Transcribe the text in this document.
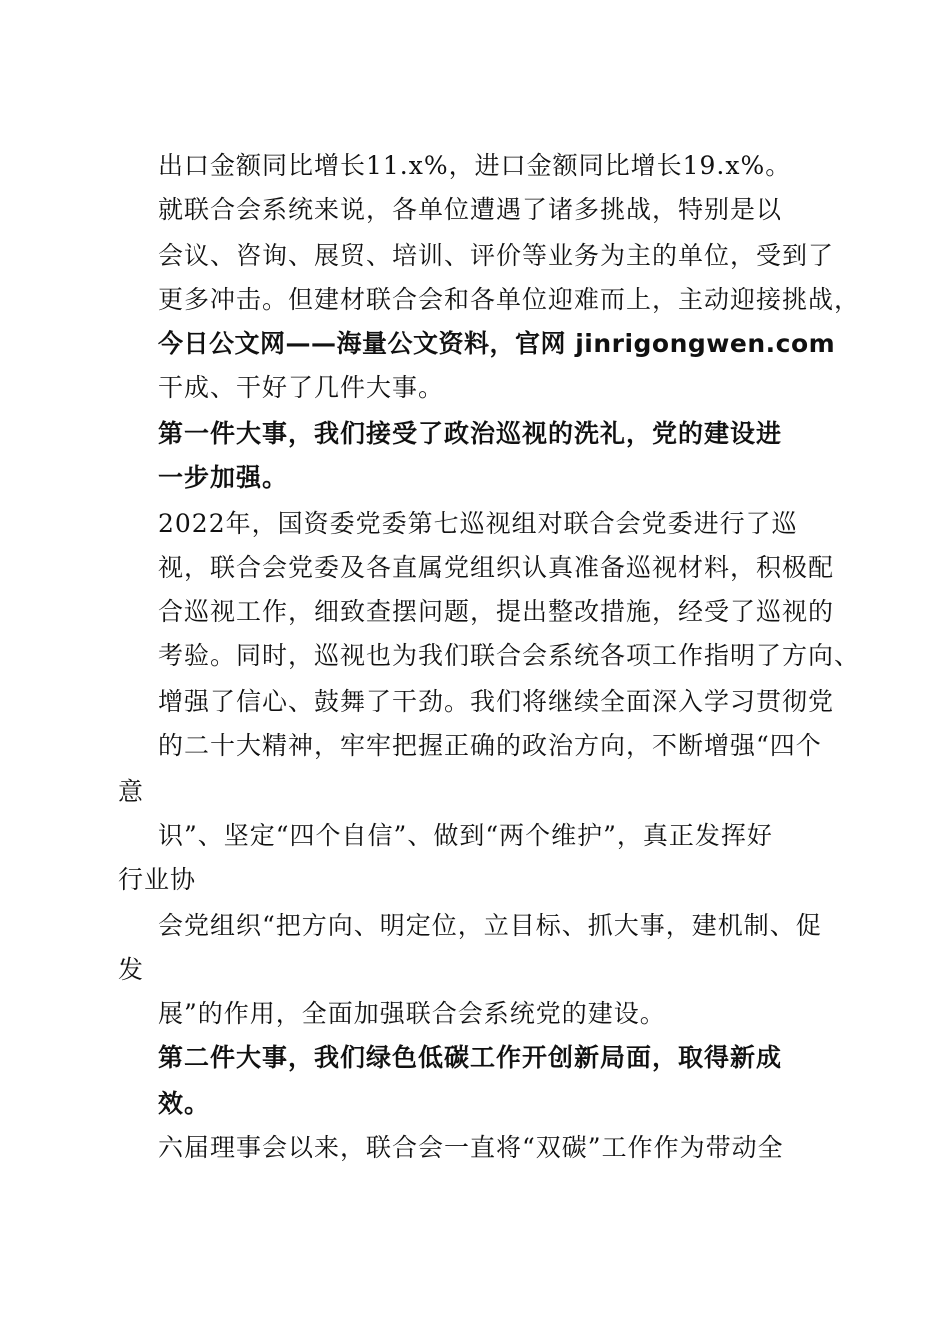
出口金额同比增长11.x%，进口金额同比增长19.x%。
就联合会系统来说，各单位遭遇了诸多挑战，特别是以
会议、咨询、展贸、培训、评价等业务为主的单位，受到了
更多冲击。但建材联合会和各单位迎难而上，主动迎接挑战，
今日公文网——海量公文资料，官网 jinrigongwen.com
干成、干好了几件大事。
第一件大事，我们接受了政治巡视的洗礼，党的建设进
一步加强。
2022年，国资委党委第七巡视组对联合会党委进行了巡
视，联合会党委及各直属党组织认真准备巡视材料，积极配
合巡视工作，细致查摆问题，提出整改措施，经受了巡视的
考验。同时，巡视也为我们联合会系统各项工作指明了方向、
增强了信心、鼓舞了干劲。我们将继续全面深入学习贯彻党
的二十大精神，牢牢把握正确的政治方向，不断增强“四个
意
识”、坚定“四个自信”、做到“两个维护”，真正发挥好
行业协
会党组织“把方向、明定位，立目标、抓大事，建机制、促
发
展”的作用，全面加强联合会系统党的建设。
第二件大事，我们绿色低碳工作开创新局面，取得新成
效。
六届理事会以来，联合会一直将“双碳”工作作为带动全
